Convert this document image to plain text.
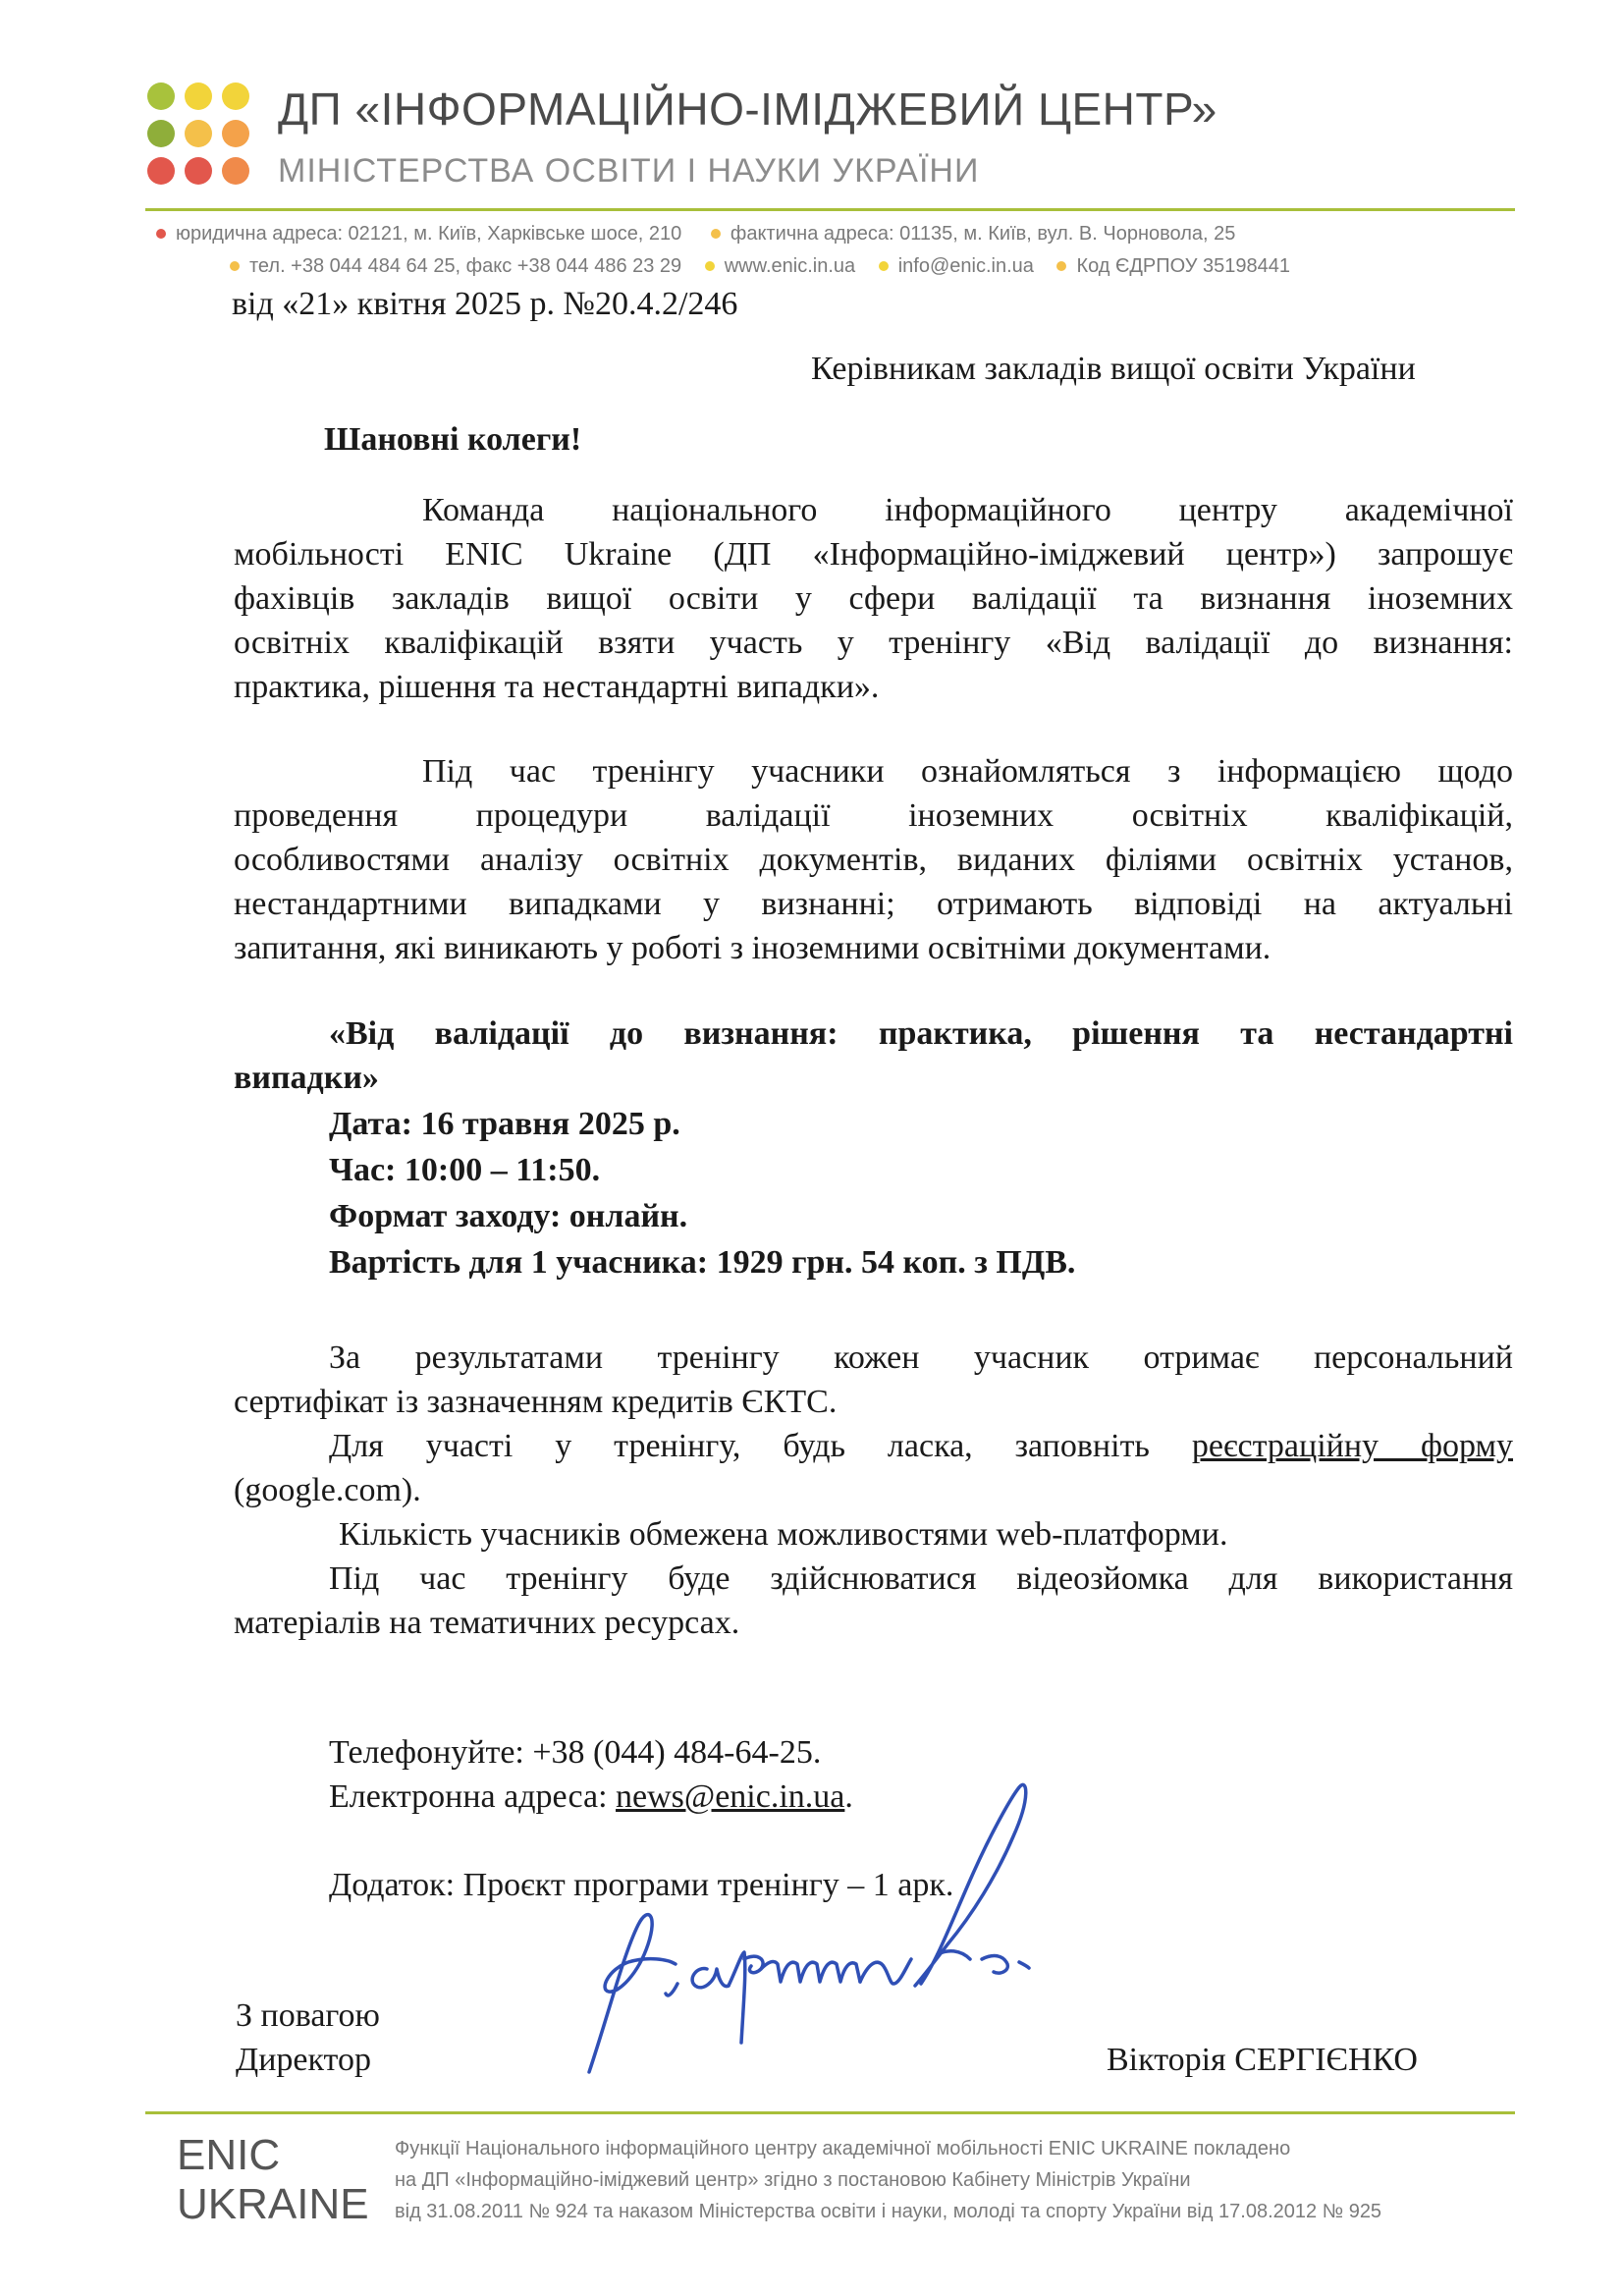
ДП «ІНФОРМАЦІЙНО-ІМІДЖЕВИЙ ЦЕНТР»
МІНІСТЕРСТВА ОСВІТИ І НАУКИ УКРАЇНИ
юридична адреса: 02121, м. Київ, Харківське шосе, 210 фактична адреса: 01135, м. Київ, вул. В. Чорновола, 25
тел. +38 044 484 64 25, факс +38 044 486 23 29 www.enic.in.ua info@enic.in.ua Код ЄДРПОУ 35198441
від «21» квітня 2025 р. №20.4.2/246
Керівникам закладів вищої освіти України
Шановні колеги!
Команда національного інформаційного центру академічної
мобільності ENIC Ukraine (ДП «Інформаційно-іміджевий центр») запрошує
фахівців закладів вищої освіти у сфери валідації та визнання іноземних
освітніх кваліфікацій взяти участь у тренінгу «Від валідації до визнання:
практика, рішення та нестандартні випадки».
Під час тренінгу учасники ознайомляться з інформацією щодо
проведення процедури валідації іноземних освітніх кваліфікацій,
особливостями аналізу освітніх документів, виданих філіями освітніх установ,
нестандартними випадками у визнанні; отримають відповіді на актуальні
запитання, які виникають у роботі з іноземними освітніми документами.
«Від валідації до визнання: практика, рішення та нестандартні
випадки»
Дата: 16 травня 2025 р.
Час: 10:00 – 11:50.
Формат заходу: онлайн.
Вартість для 1 учасника: 1929 грн. 54 коп. з ПДВ.
За результатами тренінгу кожен учасник отримає персональний
сертифікат із зазначенням кредитів ЄКТС.
Для участі у тренінгу, будь ласка, заповніть реєстраційну форму
(google.com).
Кількість учасників обмежена можливостями web-платформи.
Під час тренінгу буде здійснюватися відеозйомка для використання
матеріалів на тематичних ресурсах.
Телефонуйте: +38 (044) 484-64-25.
Електронна адреса: news@enic.in.ua.
Додаток: Проєкт програми тренінгу – 1 арк.
З повагою
Директор	Вікторія СЕРГІЄНКО
ENIC
UKRAINE
Функції Національного інформаційного центру академічної мобільності ENIC UKRAINE покладено
на ДП «Інформаційно-іміджевий центр» згідно з постановою Кабінету Міністрів України
від 31.08.2011 № 924 та наказом Міністерства освіти і науки, молоді та спорту України від 17.08.2012 № 925
